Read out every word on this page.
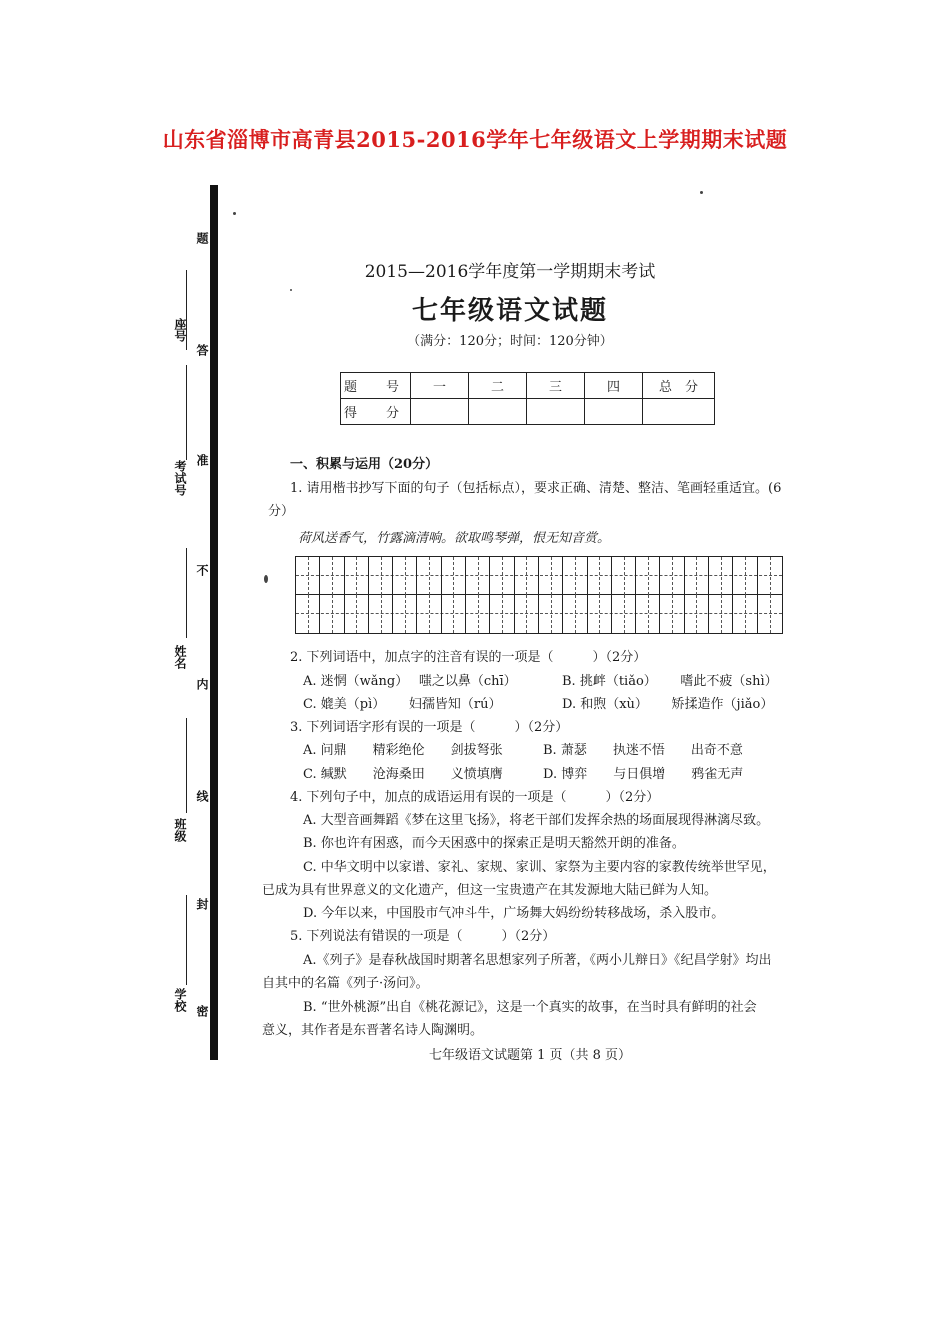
山东省淄博市高青县2015-2016学年七年级语文上学期期末试题
座号
考试号
姓名
班级
学校
题
答
准
不
内
线
封
密
2015—2016学年度第一学期期末考试
七年级语文试题
（满分：120分；时间：120分钟）
题　号	一	二	三	四	总　分
得　分					
一、积累与运用（20分）
1. 请用楷书抄写下面的句子（包括标点），要求正确、清楚、整洁、笔画轻重适宜。(6
分）
荷风送香气，竹露滴清响。欲取鸣琴弹，恨无知音赏。
2. 下列词语中，加点字的注音有误的一项是（　　　）（2分）
A. 迷惘（wǎng）　 嗤之以鼻（chī）	B. 挑衅（tiǎo）　　 嗜此不疲（shì）
C. 媲美（pì）　　 妇孺皆知（rú）	D. 和煦（xù）　　 矫揉造作（jiǎo）
3. 下列词语字形有误的一项是（　　　）（2分）
A. 问鼎　　精彩绝伦　　剑拔弩张	B. 萧瑟　　执迷不悟　　出奇不意
C. 缄默　　沧海桑田　　义愤填膺	D. 博弈　　与日俱增　　鸦雀无声
4. 下列句子中，加点的成语运用有误的一项是（　　　）（2分）
A. 大型音画舞蹈《梦在这里飞扬》，将老干部们发挥余热的场面展现得淋漓尽致。
B. 你也许有困惑，而今天困惑中的探索正是明天豁然开朗的准备。
C. 中华文明中以家谱、家礼、家规、家训、家祭为主要内容的家教传统举世罕见，
已成为具有世界意义的文化遗产，但这一宝贵遗产在其发源地大陆已鲜为人知。
D. 今年以来，中国股市气冲斗牛，广场舞大妈纷纷转移战场，杀入股市。
5. 下列说法有错误的一项是（　　　）（2分）
A.《列子》是春秋战国时期著名思想家列子所著，《两小儿辩日》《纪昌学射》均出
自其中的名篇《列子·汤问》。
B. “世外桃源”出自《桃花源记》，这是一个真实的故事，在当时具有鲜明的社会
意义，其作者是东晋著名诗人陶渊明。
七年级语文试题第 1 页（共 8 页）
